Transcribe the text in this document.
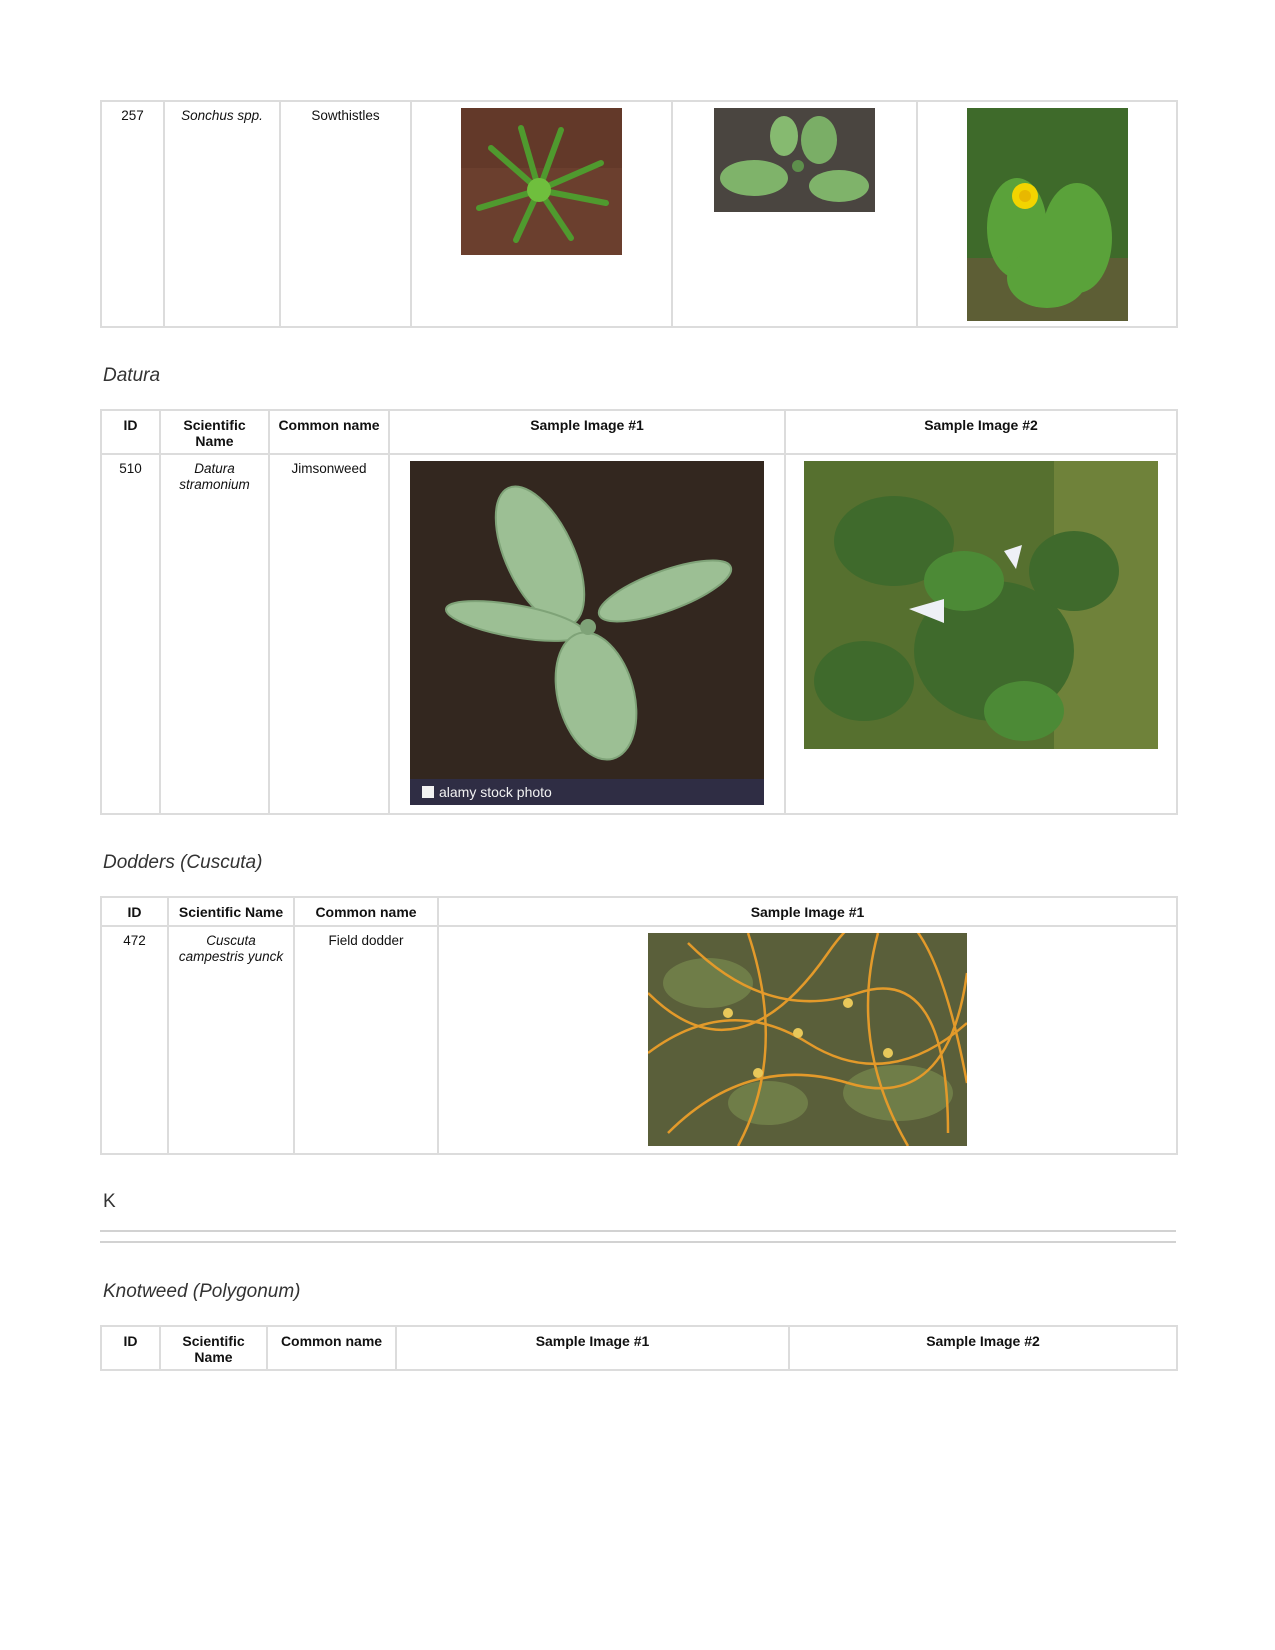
257	Sonchus spp.	Sowthistles	

Datura
ID	Scientific Name	Common name	Sample Image #1	Sample Image #2
510	Datura stramonium	Jimsonweed	alamy stock photo

Dodders (Cuscuta)
ID	Scientific Name	Common name	Sample Image #1
472	Cuscuta campestris yunck	Field dodder	
K
Knotweed (Polygonum)
ID	Scientific Name	Common name	Sample Image #1	Sample Image #2
